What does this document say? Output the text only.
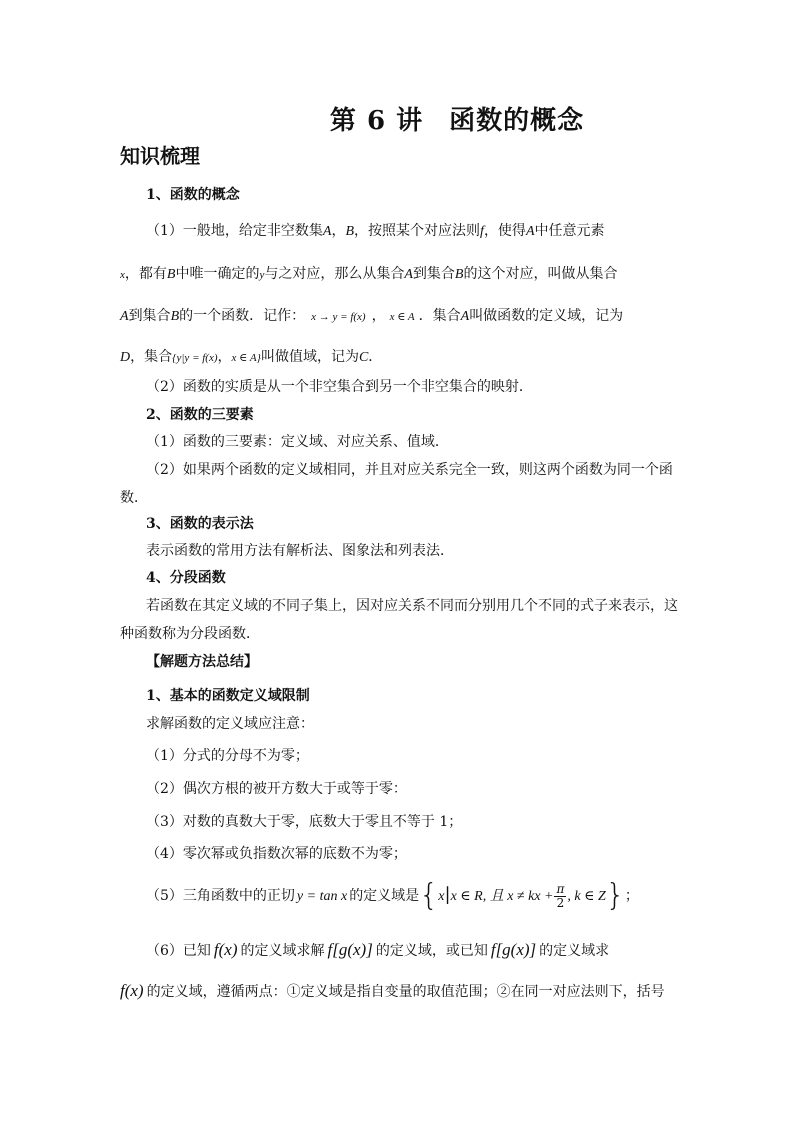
第 6 讲 函数的概念
知识梳理
1、函数的概念
（1）一般地，给定非空数集A，B，按照某个对应法则f，使得A中任意元素
x，都有B中唯一确定的y与之对应，那么从集合A到集合B的这个对应，叫做从集合
A到集合B的一个函数．记作： x → y = f(x) ， x ∈ A ．集合A叫做函数的定义域，记为
D，集合{y|y = f(x)，x ∈ A}叫做值域，记为C．
（2）函数的实质是从一个非空集合到另一个非空集合的映射．
2、函数的三要素
（1）函数的三要素：定义域、对应关系、值域．
（2）如果两个函数的定义域相同，并且对应关系完全一致，则这两个函数为同一个函
数．
3、函数的表示法
表示函数的常用方法有解析法、图象法和列表法．
4、分段函数
若函数在其定义域的不同子集上，因对应关系不同而分别用几个不同的式子来表示，这
种函数称为分段函数．
【解题方法总结】
1、基本的函数定义域限制
求解函数的定义域应注意：
（1）分式的分母不为零；
（2）偶次方根的被开方数大于或等于零：
（3）对数的真数大于零，底数大于零且不等于 1；
（4）零次幂或负指数次幂的底数不为零；
（5）三角函数中的正切 y = tan x 的定义域是{x|x ∈ R, 且 x ≠ kx + $\frac{\pi}{2}$ , k ∈ Z}；
（6）已知 f(x) 的定义域求解 f[g(x)] 的定义域，或已知 f[g(x)] 的定义域求
f(x) 的定义域，遵循两点：①定义域是指自变量的取值范围；②在同一对应法则下，括号
